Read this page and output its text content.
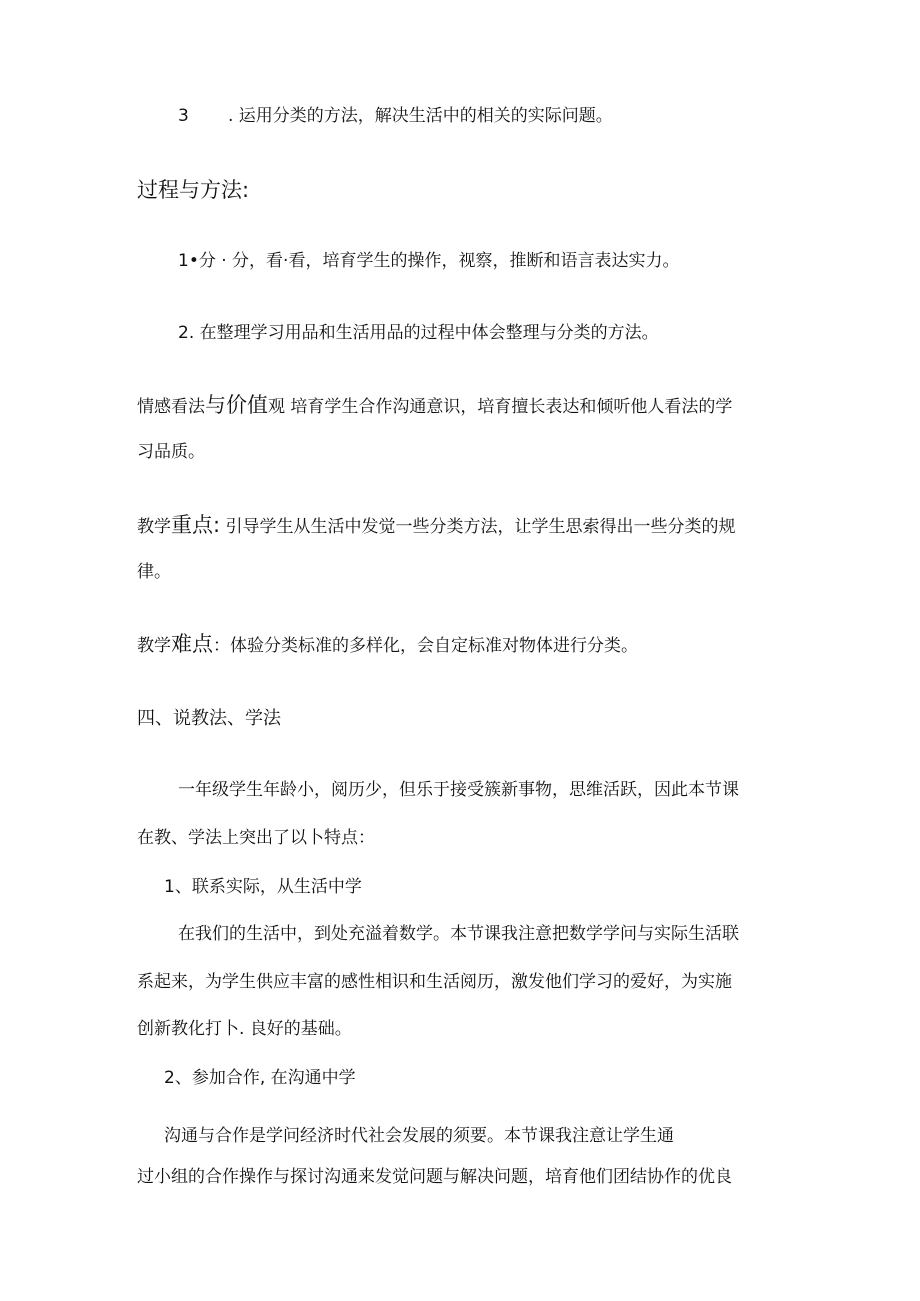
3 . 运用分类的方法，解决生活中的相关的实际问题。
过程与方法:
1•分 · 分，看·看，培育学生的操作，视察，推断和语言表达实力。
2. 在整理学习用品和生活用品的过程中体会整理与分类的方法。
情感看法与价值观 培育学生合作沟通意识，培育擅长表达和倾听他人看法的学
习品质。
教学重点: 引导学生从生活中发觉一些分类方法，让学生思索得出一些分类的规
律。
教学难点：体验分类标准的多样化，会自定标准对物体进行分类。
四、说教法、学法
一年级学生年龄小，阅历少，但乐于接受簇新事物，思维活跃，因此本节课
在教、学法上突出了以卜特点：
1、联系实际，从生活中学
在我们的生活中，到处充溢着数学。本节课我注意把数学学问与实际生活联
系起来，为学生供应丰富的感性相识和生活阅历，激发他们学习的爱好，为实施
创新教化打卜. 良好的基础。
2、参加合作, 在沟通中学
沟通与合作是学问经济时代社会发展的须要。本节课我注意让学生通
过小组的合作操作与探讨沟通来发觉问题与解决问题，培育他们团结协作的优良
